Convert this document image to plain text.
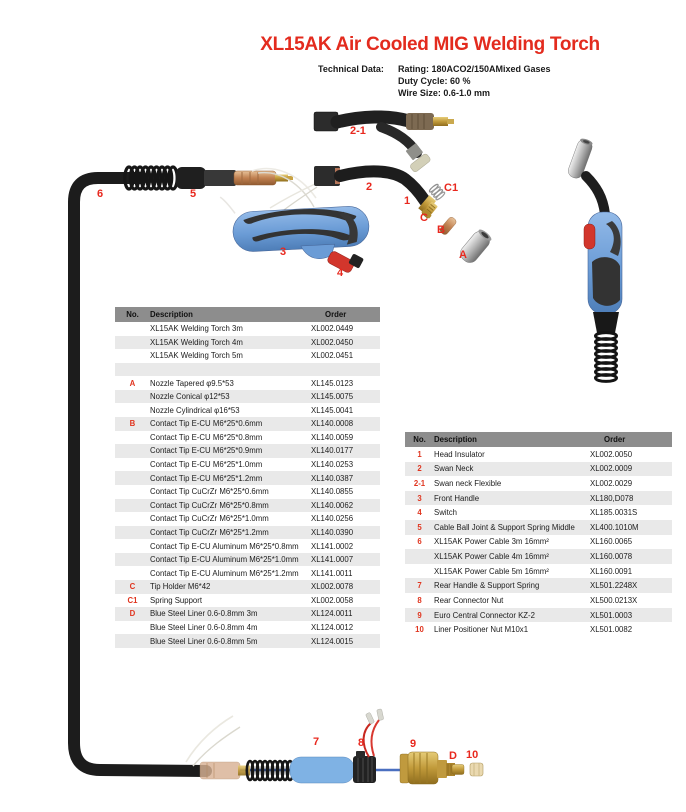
XL15AK Air Cooled MIG Welding Torch
Technical Data:	Rating: 180ACO2/150AMixed Gases
Duty Cycle: 60 %
Wire Size: 0.6-1.0 mm
6	5
2-1
2
1
C1
C
B
A
3
4
7	8	9
D 10
No.	Description	Order
XL15AK Welding Torch 3m	XL002.0449
XL15AK Welding Torch 4m	XL002.0450
XL15AK Welding Torch 5m	XL002.0451
A	Nozzle Tapered φ9.5*53	XL145.0123
Nozzle Conical φ12*53	XL145.0075
Nozzle Cylindrical φ16*53	XL145.0041
B	Contact Tip E-CU M6*25*0.6mm	XL140.0008
Contact Tip E-CU M6*25*0.8mm	XL140.0059
Contact Tip E-CU M6*25*0.9mm	XL140.0177
Contact Tip E-CU M6*25*1.0mm	XL140.0253
Contact Tip E-CU M6*25*1.2mm	XL140.0387
Contact Tip CuCrZr M6*25*0.6mm	XL140.0855
Contact Tip CuCrZr M6*25*0.8mm	XL140.0062
Contact Tip CuCrZr M6*25*1.0mm	XL140.0256
Contact Tip CuCrZr M6*25*1.2mm	XL140.0390
Contact Tip E-CU Aluminum M6*25*0.8mm	XL141.0002
Contact Tip E-CU Aluminum M6*25*1.0mm	XL141.0007
Contact Tip E-CU Aluminum M6*25*1.2mm	XL141.0011
C	Tip Holder M6*42	XL002.0078
C1	Spring Support	XL002.0058
D	Blue Steel Liner 0.6-0.8mm 3m	XL124.0011
Blue Steel Liner 0.6-0.8mm 4m	XL124.0012
Blue Steel Liner 0.6-0.8mm 5m	XL124.0015
No.	Description	Order
1	Head Insulator	XL002.0050
2	Swan Neck	XL002.0009
2-1	Swan neck Flexible	XL002.0029
3	Front Handle	XL180,D078
4	Switch	XL185.0031S
5	Cable Ball Joint & Support Spring Middle	XL400.1010M
6	XL15AK Power Cable 3m 16mm²	XL160.0065
XL15AK Power Cable 4m 16mm²	XL160.0078
XL15AK Power Cable 5m 16mm²	XL160.0091
7	Rear Handle & Support Spring	XL501.2248X
8	Rear Connector Nut	XL500.0213X
9	Euro Central Connector KZ-2	XL501.0003
10	Liner Positioner Nut M10x1	XL501.0082
